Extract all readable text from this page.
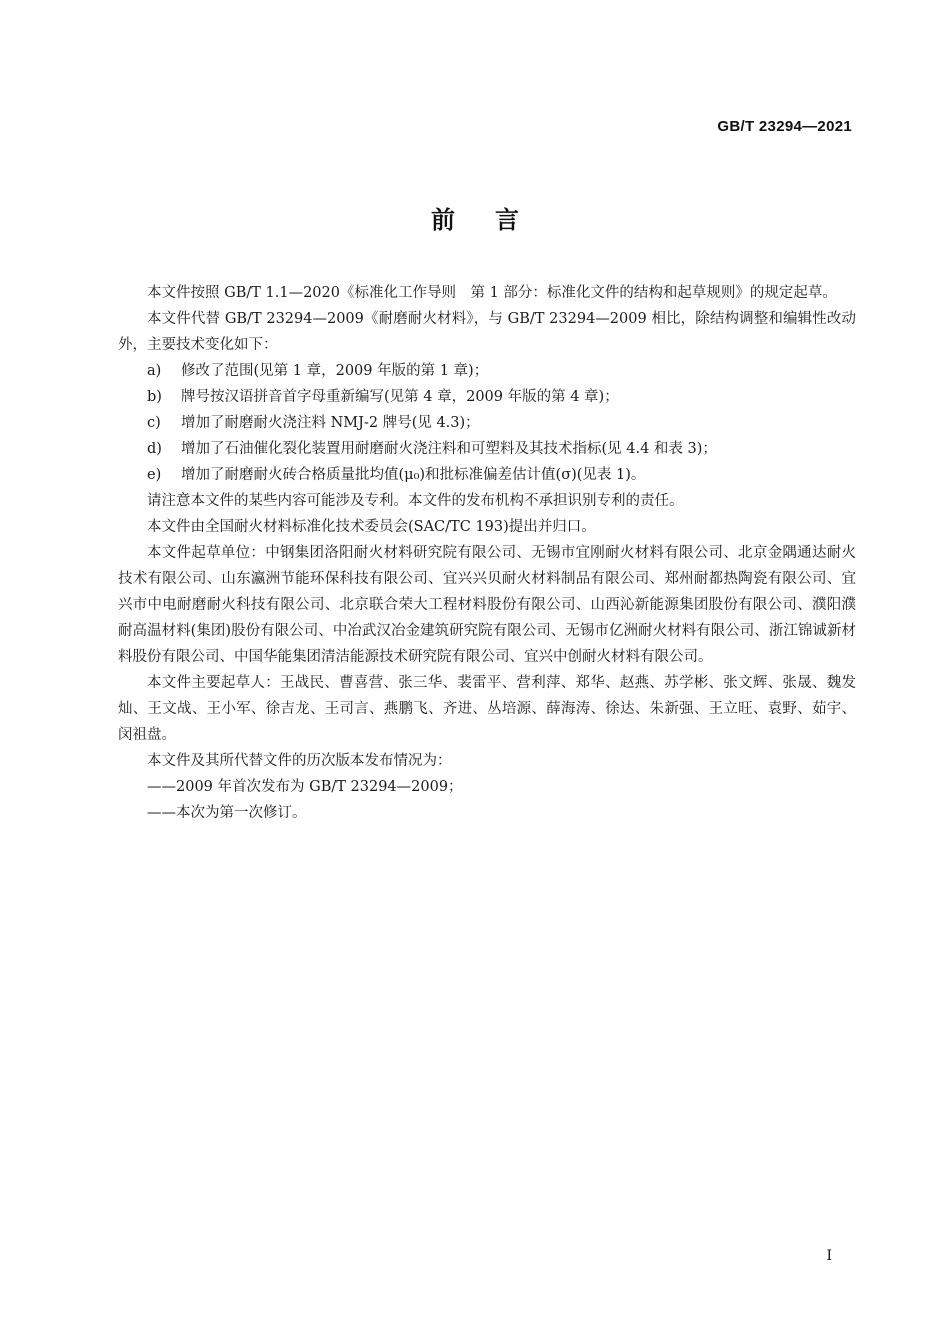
GB/T 23294—2021
前言

本文件按照 GB/T 1.1—2020《标准化工作导则　第 1 部分：标准化文件的结构和起草规则》的规定起草。

本文件代替 GB/T 23294—2009《耐磨耐火材料》，与 GB/T 23294—2009 相比，除结构调整和编辑性改动外，主要技术变化如下：

a)	修改了范围(见第 1 章，2009 年版的第 1 章)；
b)	牌号按汉语拼音首字母重新编写(见第 4 章，2009 年版的第 4 章)；
c)	增加了耐磨耐火浇注料 NMJ-2 牌号(见 4.3)；
d)	增加了石油催化裂化装置用耐磨耐火浇注料和可塑料及其技术指标(见 4.4 和表 3)；
e)	增加了耐磨耐火砖合格质量批均值(μ₀)和批标准偏差估计值(σ)(见表 1)。

请注意本文件的某些内容可能涉及专利。本文件的发布机构不承担识别专利的责任。

本文件由全国耐火材料标准化技术委员会(SAC/TC 193)提出并归口。

本文件起草单位：中钢集团洛阳耐火材料研究院有限公司、无锡市宜刚耐火材料有限公司、北京金隅通达耐火技术有限公司、山东瀛洲节能环保科技有限公司、宜兴兴贝耐火材料制品有限公司、郑州耐都热陶瓷有限公司、宜兴市中电耐磨耐火科技有限公司、北京联合荣大工程材料股份有限公司、山西沁新能源集团股份有限公司、濮阳濮耐高温材料(集团)股份有限公司、中冶武汉冶金建筑研究院有限公司、无锡市亿洲耐火材料有限公司、浙江锦诚新材料股份有限公司、中国华能集团清洁能源技术研究院有限公司、宜兴中创耐火材料有限公司。

本文件主要起草人：王战民、曹喜营、张三华、裴雷平、营利萍、郑华、赵燕、苏学彬、张文辉、张晟、魏发灿、王文战、王小军、徐吉龙、王司言、燕鹏飞、齐进、丛培源、薛海涛、徐达、朱新强、王立旺、袁野、茹宇、闵祖盘。

本文件及其所代替文件的历次版本发布情况为：

——2009 年首次发布为 GB/T 23294—2009；

——本次为第一次修订。

I
